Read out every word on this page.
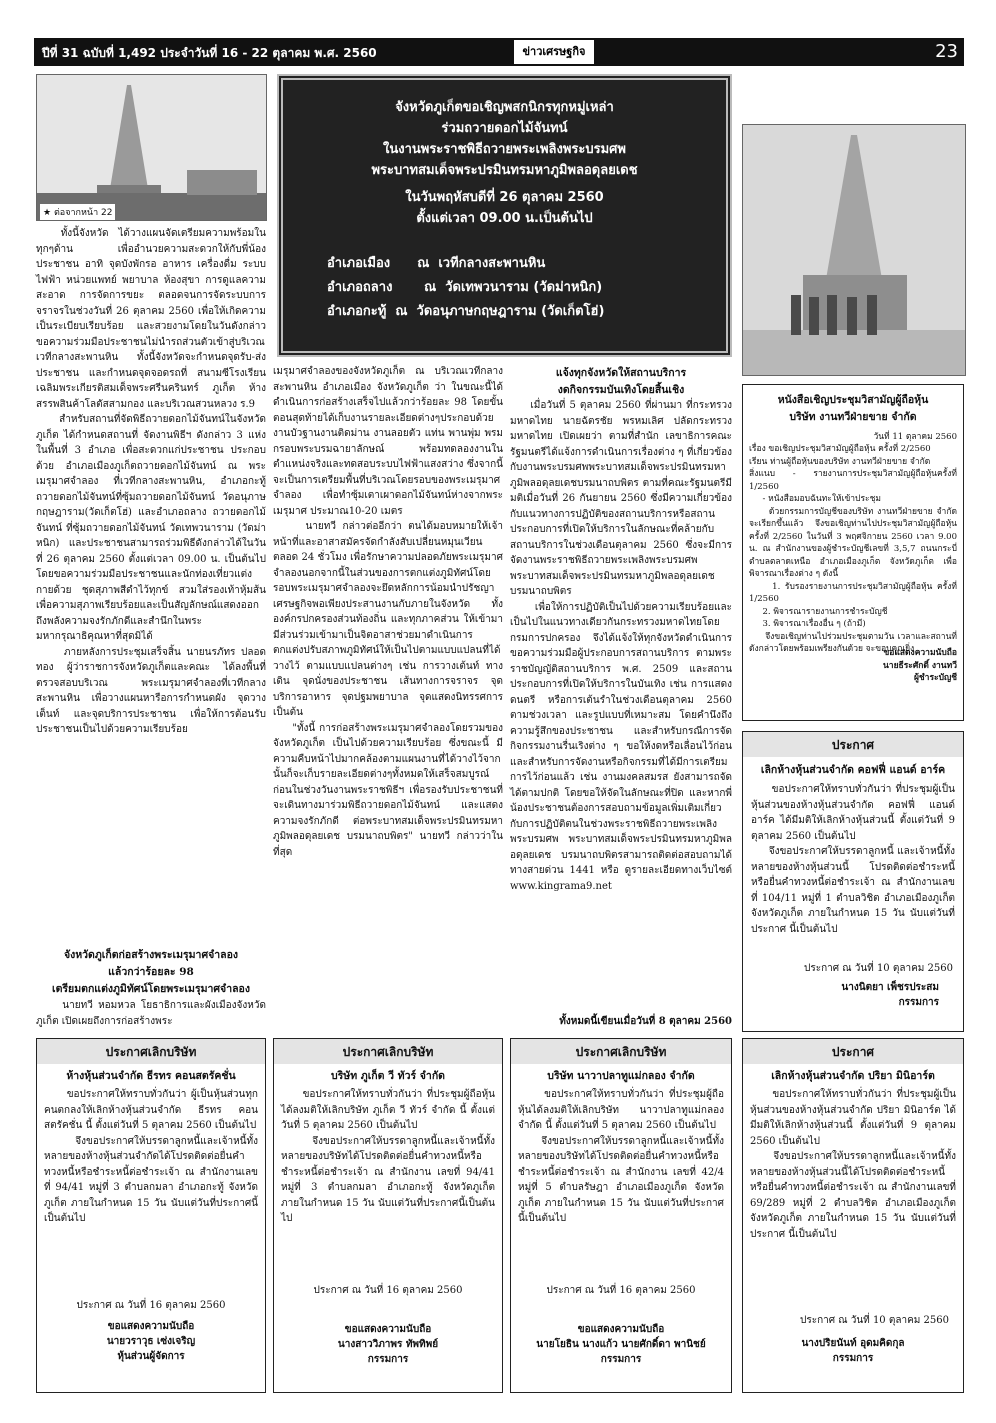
ปีที่ 31 ฉบับที่ 1,492 ประจำวันที่ 16 - 22 ตุลาคม พ.ศ. 2560	ข่าวเศรษฐกิจ	23
★ ต่อจากหน้า 22
จังหวัดภูเก็ตขอเชิญพสกนิกรทุกหมู่เหล่า
ร่วมถวายดอกไม้จันทน์
ในงานพระราชพิธีถวายพระเพลิงพระบรมศพ
พระบาทสมเด็จพระปรมินทรมหาภูมิพลอดุลยเดช
ในวันพฤหัสบดีที่ 26 ตุลาคม 2560
ตั้งแต่เวลา 09.00 น.เป็นต้นไป
อำเภอเมือง      ณ  เวทีกลางสะพานหิน
อำเภอถลาง       ณ  วัดเทพวนาราม (วัดม่าหนิก)
อำเภอกะทู้  ณ  วัดอนุภาษกฤษฎาราม (วัดเก็ตโฮ่)
ทั้งนี้จังหวัด  ได้วางแผนจัดเตรียมความพร้อมในทุกๆด้าน  เพื่ออำนวยความสะดวกให้กับพี่น้องประชาชน อาทิ จุดบังพักรอ อาหาร เครื่องดื่ม ระบบไฟฟ้า หน่วยแพทย์ พยาบาล ห้องสุขา การดูแลความสะอาด การจัดการขยะ ตลอดจนการจัดระบบการจราจรในช่วงวันที่ 26 ตุลาคม 2560 เพื่อให้เกิดความเป็นระเบียบเรียบร้อย และสวยงามโดยในวันดังกล่าวขอความร่วมมือประชาชนไม่นำรถส่วนตัวเข้าสู่บริเวณเวทีกลางสะพานหิน  ทั้งนี้จังหวัดจะกำหนดจุดรับ-ส่งประชาชน และกำหนดจุดจอดรถที่ สนามซีโรงเรียนเฉลิมพระเกียรติสมเด็จพระศรีนครินทร์ ภูเก็ต ห้างสรรพสินค้าโลตัสสามกอง และบริเวณสวนหลวง ร.9
สำหรับสถานที่จัดพิธีถวายดอกไม้จันทน์ในจังหวัดภูเก็ต ได้กำหนดสถานที่ จัดงานพิธีฯ ดังกล่าว 3 แห่ง ในพื้นที่ 3 อำเภอ เพื่อสะดวกแก่ประชาชน ประกอบด้วย อำเภอเมืองภูเก็ตถวายดอกไม้จันทน์ ณ พระเมรุมาศจำลอง ที่เวทีกลางสะพานหิน, อำเภอกะทู้ ถวายดอกไม้จันทน์ที่ซุ้มถวายดอกไม้จันทน์ วัดอนุภาษกฤษฎาราม(วัดเก็ตโฮ่) และอำเภอถลาง ถวายดอกไม้จันทน์ ที่ซุ้มถวายดอกไม้จันทน์ วัดเทพวนาราม (วัดม่าหนิก) และประชาชนสามารถร่วมพิธีดังกล่าวได้ในวันที่ 26 ตุลาคม 2560 ตั้งแต่เวลา 09.00 น. เป็นต้นไป โดยขอความร่วมมือประชาชนและนักท่องเที่ยวแต่งกายด้วย ชุดสุภาพสีดำไว้ทุกข์ สวมใส่รองเท้าหุ้มส้นเพื่อความสุภาพเรียบร้อยและเป็นสัญลักษณ์แสดงออกถึงพลังความจงรักภักดีและสำนึกในพระมหากรุณาธิคุณหาที่สุดมิได้
ภายหลังการประชุมเสร็จสิ้น นายนรภัทร ปลอดทอง ผู้ว่าราชการจังหวัดภูเก็ตและคณะ ได้ลงพื้นที่ตรวจสอบบริเวณ พระเมรุมาศจำลองที่เวทีกลางสะพานหิน เพื่อวางแผนหารือการกำหนดผัง จุดวางเต็นท์ และจุดบริการประชาชน เพื่อให้การต้อนรับประชาชนเป็นไปด้วยความเรียบร้อย
จังหวัดภูเก็ตก่อสร้างพระเมรุมาศจำลอง
แล้วกว่าร้อยละ 98
เตรียมตกแต่งภูมิทัศน์โดยพระเมรุมาศจำลอง
นายทวี หอมหวล โยธาธิการและผังเมืองจังหวัดภูเก็ต เปิดเผยถึงการก่อสร้างพระ
เมรุมาศจำลองของจังหวัดภูเก็ต ณ บริเวณเวทีกลางสะพานหิน อำเภอเมือง จังหวัดภูเก็ต ว่า ในขณะนี้ได้ดำเนินการก่อสร้างเสร็จไปแล้วกว่าร้อยละ 98 โดยขั้นตอนสุดท้ายได้เก็บงานรายละเอียดต่างๆประกอบด้วย งานบัวฐานงานติดม่าน งานลอยตัว แท่น พานพุ่ม พรม กรอบพระบรมฉายาลักษณ์ พร้อมทดลองงานในตำแหน่งจริงและทดสอบระบบไฟฟ้าแสงสว่าง ซึ่งจากนี้จะเป็นการเตรียมพื้นที่บริเวณโดยรอบของพระเมรุมาศจำลอง เพื่อทำซุ้มเตาเผาดอกไม้จันทน์ห่างจากพระเมรุมาศ ประมาณ10-20 เมตร
นายทวี กล่าวต่ออีกว่า ตนได้มอบหมายให้เจ้าหน้าที่และอาสาสมัครจัดกำลังสับเปลี่ยนหมุนเวียนตลอด 24 ชั่วโมง เพื่อรักษาความปลอดภัยพระเมรุมาศจำลองนอกจากนี้ในส่วนของการตกแต่งภูมิทัศน์โดยรอบพระเมรุมาศจำลองจะยึดหลักการน้อมนำปรัชญาเศรษฐกิจพอเพียงประสานงานกับภายในจังหวัด ทั้งองค์กรปกครองส่วนท้องถิ่น และทุกภาคส่วน ให้เข้ามามีส่วนร่วมเข้ามาเป็นจิตอาสาช่วยมาดำเนินการตกแต่งปรับสภาพภูมิทัศน์ให้เป็นไปตามแบบแปลนที่ได้วางไว้ ตามแบบแปลนต่างๆ เช่น การวางเต้นท์ ทางเดิน จุดนั่งของประชาชน เส้นทางการจราจร จุดบริการอาหาร จุดปฐมพยาบาล จุดแสดงนิทรรศการ เป็นต้น
"ทั้งนี้ การก่อสร้างพระเมรุมาศจำลองโดยรวมของจังหวัดภูเก็ต เป็นไปด้วยความเรียบร้อย ซึ่งขณะนี้ มีความคืบหน้าไปมากคล้องตามแผนงานที่ได้วางไว้จากนั้นก็จะเก็บรายละเอียดต่างๆทั้งหมดให้เสร็จสมบูรณ์ ก่อนในช่วงวันงานพระราชพิธีฯ เพื่อรองรับประชาชนที่จะเดินทางมาร่วมพิธีถวายดอกไม้จันทน์ และแสดงความจงรักภักดี ต่อพระบาทสมเด็จพระปรมินทรมหาภูมิพลอดุลยเดช บรมนาถบพิตร" นายทวี กล่าวว่าในที่สุด
แจ้งทุกจังหวัดให้สถานบริการ
งดกิจกรรมบันเทิงโดยสิ้นเชิง
เมื่อวันที่ 5 ตุลาคม 2560 ที่ผ่านมา ที่กระทรวงมหาดไทย นายฉัตรชัย พรหมเลิศ ปลัดกระทรวงมหาดไทย เปิดเผยว่า ตามที่สำนัก เลขาธิการคณะรัฐมนตรีได้แจ้งการดำเนินการเรื่องต่าง ๆ ที่เกี่ยวข้องกับงานพระบรมศพพระบาทสมเด็จพระปรมินทรมหาภูมิพลอดุลยเดชบรมนาถบพิตร ตามที่คณะรัฐมนตรีมีมติเมื่อวันที่ 26 กันยายน 2560 ซึ่งมีความเกี่ยวข้องกับแนวทางการปฏิบัติของสถานบริการหรือสถานประกอบการที่เปิดให้บริการในลักษณะที่คล้ายกับสถานบริการในช่วงเดือนตุลาคม 2560 ซึ่งจะมีการจัดงานพระราชพิธีถวายพระเพลิงพระบรมศพพระบาทสมเด็จพระปรมินทรมหาภูมิพลอดุลยเดชบรมนาถบพิตร
เพื่อให้การปฏิบัติเป็นไปด้วยความเรียบร้อยและเป็นไปในแนวทางเดียวกันกระทรวงมหาดไทยโดยกรมการปกครอง จึงได้แจ้งให้ทุกจังหวัดดำเนินการขอความร่วมมือผู้ประกอบการสถานบริการ ตามพระราชบัญญัติสถานบริการ พ.ศ. 2509 และสถานประกอบการที่เปิดให้บริการในบันเทิง เช่น การแสดงดนตรี หรือการเต้นรำในช่วงเดือนตุลาคม 2560 ตามช่วงเวลา และรูปแบบที่เหมาะสม โดยคำนึงถึงความรู้สึกของประชาชน และสำหรับกรณีการจัดกิจกรรมงานรื่นเริงต่าง ๆ ขอให้งดหรือเลื่อนไว้ก่อน และสำหรับการจัดงานหรือกิจกรรมที่ได้มีการเตรียมการไว้ก่อนแล้ว เช่น งานมงคลสมรส ยังสามารถจัดได้ตามปกติ โดยขอให้จัดในลักษณะที่ปิด และหากพี่น้องประชาชนต้องการสอบถามข้อมูลเพิ่มเติมเกี่ยวกับการปฏิบัติตนในช่วงพระราชพิธีถวายพระเพลิงพระบรมศพ พระบาทสมเด็จพระปรมินทรมหาภูมิพลอดุลยเดช บรมนาถบพิตรสามารถติดต่อสอบถามได้ทางสายด่วน 1441 หรือ ดูรายละเอียดทางเว็บไซต์ www.kingrama9.net
ทั้งหมดนี้เขียนเมื่อวันที่ 8 ตุลาคม 2560
หนังสือเชิญประชุมวิสามัญผู้ถือหุ้น
บริษัท งานทวีฝ่ายขาย จำกัด
วันที่ 11 ตุลาคม 2560
เรื่อง ขอเชิญประชุมวิสามัญผู้ถือหุ้น ครั้งที่ 2/2560
เรียน ท่านผู้ถือหุ้นของบริษัท งานทวีฝ่ายขาย จำกัด
สิ่งแนบ - รายงานการประชุมวิสามัญผู้ถือหุ้นครั้งที่ 1/2560
- หนังสือมอบฉันทะให้เข้าประชุม
ด้วยกรรมการบัญชีของบริษัท งานทวีฝ่ายขาย จำกัด จะเรียกขึ้นแล้ว จึงขอเชิญท่านไปประชุมวิสามัญผู้ถือหุ้น ครั้งที่ 2/2560 ในวันที่ 3 พฤศจิกายน 2560 เวลา 9.00 น. ณ สำนักงานของผู้ชำระบัญชีเลขที่ 3,5,7 ถนนกระบี่ ตำบลตลาดเหนือ อำเภอเมืองภูเก็ต จังหวัดภูเก็ต เพื่อพิจารณาเรื่องต่าง ๆ ดังนี้
1. รับรองรายงานการประชุมวิสามัญผู้ถือหุ้น ครั้งที่ 1/2560
2. พิจารณารายงานการชำระบัญชี
3. พิจารณาเรื่องอื่น ๆ (ถ้ามี)
จึงขอเชิญท่านไปร่วมประชุมตามวัน เวลาและสถานที่ดังกล่าวโดยพร้อมเพรียงกันด้วย จะขอบคุณยิ่ง
ขอแสดงความนับถือ
นายธีระศักดิ์ งานทวี
ผู้ชำระบัญชี
ประกาศ
เลิกห้างหุ้นส่วนจำกัด คอฟฟี่ แอนด์ อาร์ค
ขอประกาศให้ทราบทั่วกันว่า ที่ประชุมผู้เป็นหุ้นส่วนของห้างหุ้นส่วนจำกัด คอฟฟี่ แอนด์ อาร์ค ได้มีมติให้เลิกห้างหุ้นส่วนนี้ ตั้งแต่วันที่ 9 ตุลาคม 2560 เป็นต้นไป
จึงขอประกาศให้บรรดาลูกหนี้ และเจ้าหนี้ทั้งหลายของห้างหุ้นส่วนนี้ โปรดติดต่อชำระหนี้ หรือยื่นคำทวงหนี้ต่อชำระเจ้า ณ สำนักงานเลขที่ 104/11 หมู่ที่ 1 ตำบลวิชิต อำเภอเมืองภูเก็ต จังหวัดภูเก็ต ภายในกำหนด 15 วัน นับแต่วันที่ประกาศ นี้เป็นต้นไป
ประกาศ ณ วันที่ 10 ตุลาคม 2560
นางนิตยา เพ็ชรประสม
กรรมการ
ประกาศเลิกบริษัท
ห้างหุ้นส่วนจำกัด ธีรทร คอนสตรัคชั่น
ขอประกาศให้ทราบทั่วกันว่า ผู้เป็นหุ้นส่วนทุกคนตกลงให้เลิกห้างหุ้นส่วนจำกัด ธีรทร คอนสตรัคชั่น นี้ ตั้งแต่วันที่ 5 ตุลาคม 2560 เป็นต้นไป
จึงขอประกาศให้บรรดาลูกหนี้และเจ้าหนี้ทั้งหลายของห้างหุ้นส่วนจำกัดได้โปรดติดต่อยื่นคำทวงหนี้หรือชำระหนี้ต่อชำระเจ้า ณ สำนักงานเลขที่ 94/41 หมู่ที่ 3 ตำบลกมลา อำเภอกะทู้ จังหวัดภูเก็ต ภายในกำหนด 15 วัน นับแต่วันที่ประกาศนี้เป็นต้นไป
ประกาศ ณ วันที่ 16 ตุลาคม 2560
ขอแสดงความนับถือ
นายวราวุธ เซ่งเจริญ
หุ้นส่วนผู้จัดการ
ประกาศเลิกบริษัท
บริษัท ภูเก็ต วี ทัวร์ จำกัด
ขอประกาศให้ทราบทั่วกันว่า ที่ประชุมผู้ถือหุ้นได้ลงมติให้เลิกบริษัท ภูเก็ต วี ทัวร์ จำกัด นี้ ตั้งแต่วันที่ 5 ตุลาคม 2560 เป็นต้นไป
จึงขอประกาศให้บรรดาลูกหนี้และเจ้าหนี้ทั้งหลายของบริษัทได้โปรดติดต่อยื่นคำทวงหนี้หรือชำระหนี้ต่อชำระเจ้า ณ สำนักงาน เลขที่ 94/41 หมู่ที่ 3 ตำบลกมลา อำเภอกะทู้ จังหวัดภูเก็ต ภายในกำหนด 15 วัน นับแต่วันที่ประกาศนี้เป็นต้นไป
ประกาศ ณ วันที่ 16 ตุลาคม 2560
ขอแสดงความนับถือ
นางสาววิภาพร ทัพทิพย์
กรรมการ
ประกาศเลิกบริษัท
บริษัท นาวาปลาทูแม่กลอง จำกัด
ขอประกาศให้ทราบทั่วกันว่า ที่ประชุมผู้ถือหุ้นได้ลงมติให้เลิกบริษัท นาวาปลาทูแม่กลอง จำกัด นี้ ตั้งแต่วันที่ 5 ตุลาคม 2560 เป็นต้นไป
จึงขอประกาศให้บรรดาลูกหนี้และเจ้าหนี้ทั้งหลายของบริษัทได้โปรดติดต่อยื่นคำทวงหนี้หรือชำระหนี้ต่อชำระเจ้า ณ สำนักงาน เลขที่ 42/4 หมู่ที่ 5 ตำบลรัษฎา อำเภอเมืองภูเก็ต จังหวัดภูเก็ต ภายในกำหนด 15 วัน นับแต่วันที่ประกาศนี้เป็นต้นไป
ประกาศ ณ วันที่ 16 ตุลาคม 2560
ขอแสดงความนับถือ
นายโยธิน นางแก้ว นายศักดิ์ดา พานิชย์
กรรมการ
ประกาศ
เลิกห้างหุ้นส่วนจำกัด ปริยา มินิอาร์ต
ขอประกาศให้ทราบทั่วกันว่า ที่ประชุมผู้เป็นหุ้นส่วนของห้างหุ้นส่วนจำกัด ปริยา มินิอาร์ต ได้มีมติให้เลิกห้างหุ้นส่วนนี้ ตั้งแต่วันที่ 9 ตุลาคม 2560 เป็นต้นไป
จึงขอประกาศให้บรรดาลูกหนี้และเจ้าหนี้ทั้งหลายของห้างหุ้นส่วนนี้ได้โปรดติดต่อชำระหนี้หรือยื่นคำทวงหนี้ต่อชำระเจ้า ณ สำนักงานเลขที่ 69/289 หมู่ที่ 2 ตำบลวิชิต อำเภอเมืองภูเก็ต จังหวัดภูเก็ต ภายในกำหนด 15 วัน นับแต่วันที่ประกาศ นี้เป็นต้นไป
ประกาศ ณ วันที่ 10 ตุลาคม 2560
นางปริยนันท์ อุดมคิดกุล
กรรมการ
